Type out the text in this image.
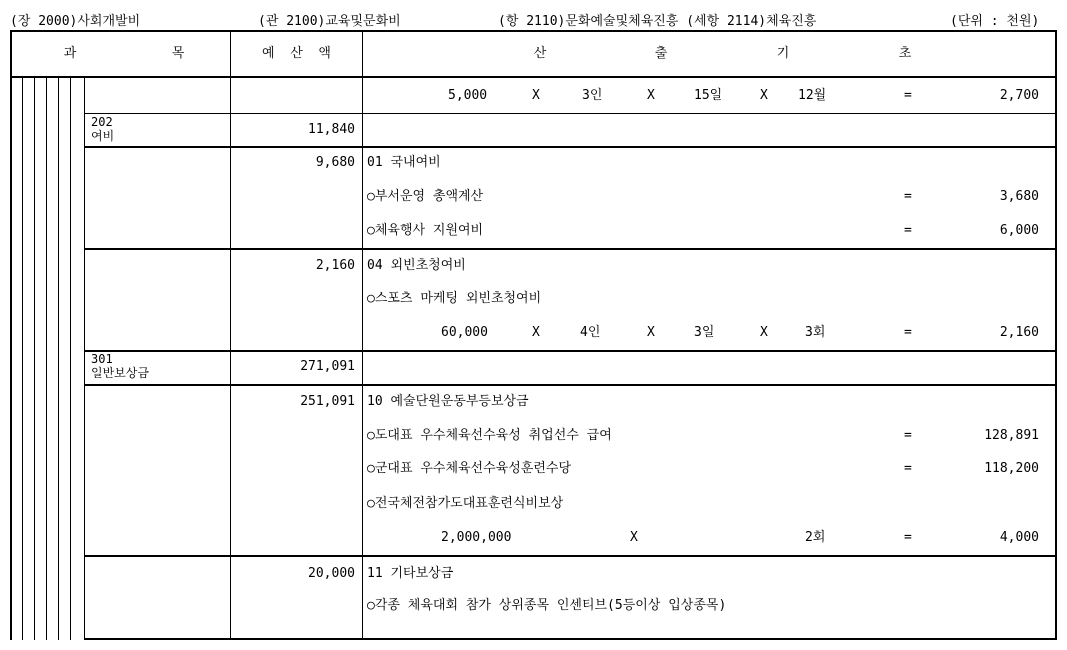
(장 2000)사회개발비	(관 2100)교육및문화비	(항 2110)문화예술및체육진흥 (세항 2114)체육진흥	(단위 : 천원)
과	목	예  산  액	산	출	기	초
5,000	X	3인	X	15일	X 12월	=	2,700
202
여비	11,840
9,680 01 국내여비
○부서운영 총액계산	=	3,680
○체육행사 지원여비	=	6,000
2,160 04 외빈초청여비
○스포츠 마케팅 외빈초청여비
60,000	X	4인	X	3일	X	3회	=	2,160
301
일반보상금	271,091
251,091 10 예술단원운동부등보상금
○도대표 우수체육선수육성 취업선수 급여	=	128,891
○군대표 우수체육선수육성훈련수당	=	118,200
○전국체전참가도대표훈련식비보상
2,000,000	X	2회	=	4,000
20,000 11 기타보상금
○각종 체육대회 참가 상위종목 인센티브(5등이상 입상종목)
